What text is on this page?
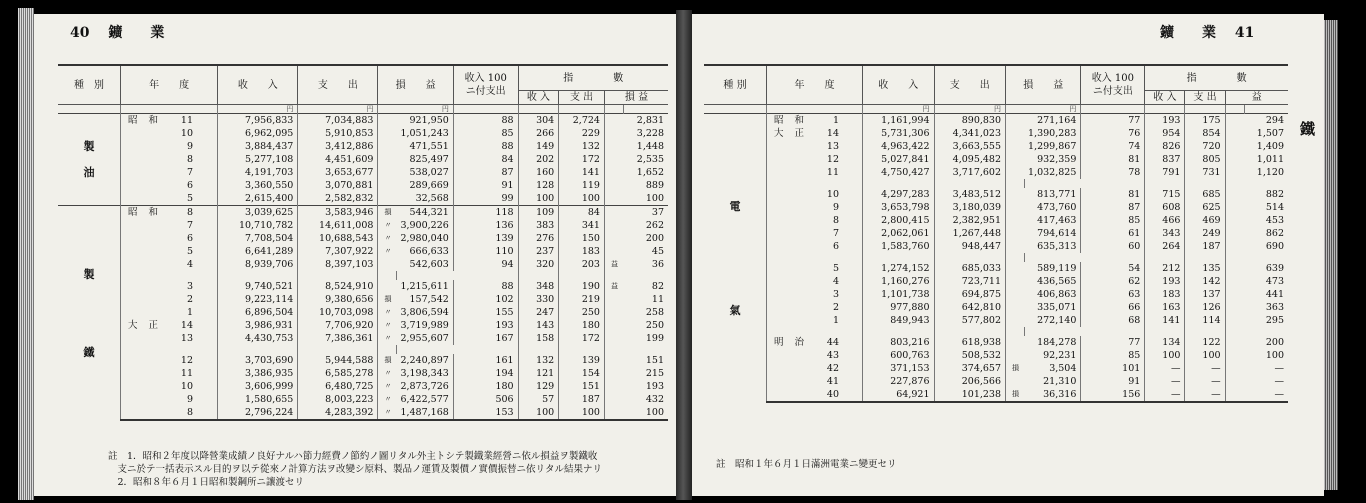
40 鑛　　業	鑛　　業 41
鐵
種　別	年　　度	收　　入	支　　出	損　　益		收入 100
ニ付支出	指　　　　數			
							收 入	支 出	損 益	
		円	円		円					
製

油	昭 和 11	7,956,833	7,034,883		921,950	88	304	2,724		2,831
	10	6,962,095	5,910,853		1,051,243	85	266	229		3,228
	9	3,884,437	3,412,886		471,551	88	149	132		1,448
	8	5,277,108	4,451,609		825,497	84	202	172		2,535
	7	4,191,703	3,653,677		538,027	87	160	141		1,652
	6	3,360,550	3,070,881		289,669	91	128	119		889
	5	2,615,400	2,582,832		32,568	99	100	100		100
製

鐵	昭 和 8	3,039,625	3,583,946	損	544,321	118	109	84		37
	7	10,710,782	14,611,008	〃	3,900,226	136	383	341		262
	6	7,708,504	10,688,543	〃	2,980,040	139	276	150		200
	5	6,641,289	7,307,922	〃	666,633	110	237	183		45
	4	8,939,706	8,397,103		542,603	94	320	203	益	36

	3	9,740,521	8,524,910		1,215,611	88	348	190	益	82
	2	9,223,114	9,380,656	損	157,542	102	330	219		11
	1	6,896,504	10,703,098	〃	3,806,594	155	247	250		258
	大 正 14	3,986,931	7,706,920	〃	3,719,989	193	143	180		250
	13	4,430,753	7,386,361	〃	2,955,607	167	158	172		199

	12	3,703,690	5,944,588	損	2,240,897	161	132	139		151
	11	3,386,935	6,585,278	〃	3,198,343	194	121	154		215
	10	3,606,999	6,480,725	〃	2,873,726	180	129	151		193
	9	1,580,655	8,003,223	〃	6,422,577	506	57	187		432
	8	2,796,224	4,283,392	〃	1,487,168	153	100	100		100
種 別	年　　度	收　　入	支　　出	損　　益		收入 100
ニ付支出	指　　　　數			
							收 入	支 出	益	
		円	円		円					
電

氣	昭 和 1	1,161,994	890,830		271,164	77	193	175		294
	大 正 14	5,731,306	4,341,023		1,390,283	76	954	854		1,507
	13	4,963,422	3,663,555		1,299,867	74	826	720		1,409
	12	5,027,841	4,095,482		932,359	81	837	805		1,011
	11	4,750,427	3,717,602		1,032,825	78	791	731		1,120

	10	4,297,283	3,483,512		813,771	81	715	685		882
	9	3,653,798	3,180,039		473,760	87	608	625		514
	8	2,800,415	2,382,951		417,463	85	466	469		453
	7	2,062,061	1,267,448		794,614	61	343	249		862
	6	1,583,760	948,447		635,313	60	264	187		690

	5	1,274,152	685,033		589,119	54	212	135		639
	4	1,160,276	723,711		436,565	62	193	142		473
	3	1,101,738	694,875		406,863	63	183	137		441
	2	977,880	642,810		335,071	66	163	126		363
	1	849,943	577,802		272,140	68	141	114		295

	明 治 44	803,216	618,938		184,278	77	134	122		200
	43	600,763	508,532		92,231	85	100	100		100
	42	371,153	374,657	損	3,504	101	—	—		—
	41	227,876	206,566		21,310	91	—	—		—
	40	64,921	101,238	損	36,316	156	—	—		—
註　1．昭和２年度以降營業成績ノ良好ナルハ節力經費ノ節約ノ圖リタル外主トシテ製鐵業經營ニ依ル損益ヲ製鐵收
　支ニ於テ一括表示スル目的ヲ以テ從來ノ計算方法ヲ改變シ原料、製品ノ運賃及製價ノ實價振替ニ依リタル結果ナリ
　2．昭和８年６月１日昭和製鋼所ニ讓渡セリ
註　昭和１年６月１日滿洲電業ニ變更セリ
